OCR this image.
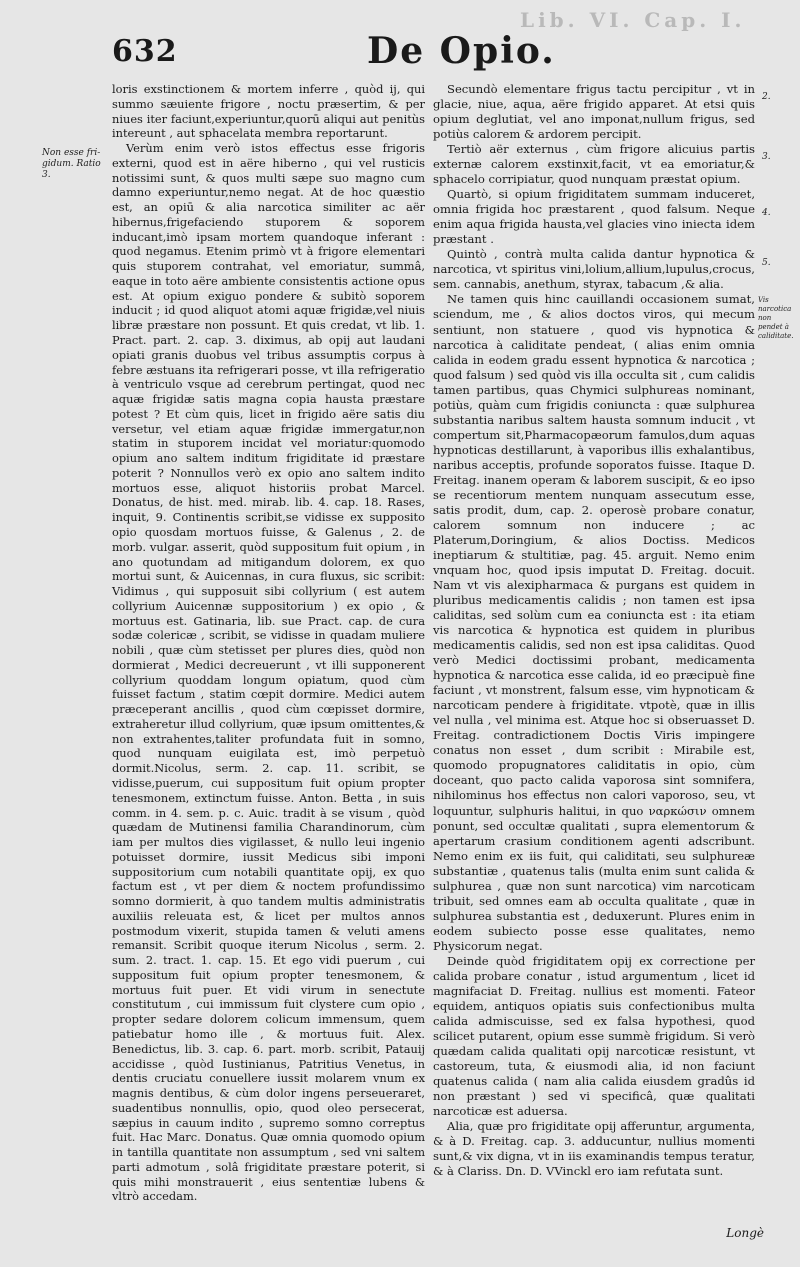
Lib. VI. Cap. I.
632	De Opio.
Non esse fri- gidum. Ratio 3.
2.
3.
4.
5.
Vis narcotica non pendet à caliditate.

loris exstinctionem & mortem inferre , quòd ij, qui summo sæuiente frigore , noctu præsertim, & per niues iter faciunt,experiuntur,quorū aliqui aut penitùs intereunt , aut sphacelata membra reportarunt.

Verùm enim verò istos effectus esse frigoris externi, quod est in aëre hiberno , qui vel rusticis notissimi sunt, & quos multi sæpe suo magno cum damno experiuntur,nemo negat. At de hoc quæstio est, an opiū & alia narcotica similiter ac aër hibernus,frigefaciendo stuporem & soporem inducant,imò ipsam mortem quandoque inferant : quod negamus. Etenim primò vt à frigore elementari quis stuporem contrahat, vel emoriatur, summâ, eaque in toto aëre ambiente consistentis actione opus est. At opium exiguo pondere & subitò soporem inducit ; id quod aliquot atomi aquæ frigidæ,vel niuis libræ præstare non possunt. Et quis credat, vt lib. 1. Pract. part. 2. cap. 3. diximus, ab opij aut laudani opiati granis duobus vel tribus assumptis corpus à febre æstuans ita refrigerari posse, vt illa refrigeratio à ventriculo vsque ad cerebrum pertingat, quod nec aquæ frigidæ satis magna copia hausta præstare potest ? Et cùm quis, licet in frigido aëre satis diu versetur, vel etiam aquæ frigidæ immergatur,non statim in stuporem incidat vel moriatur:quomodo opium ano saltem inditum frigiditate id præstare poterit ? Nonnullos verò ex opio ano saltem indito mortuos esse, aliquot historiis probat Marcel. Donatus, de hist. med. mirab. lib. 4. cap. 18. Rases, inquit, 9. Continentis scribit,se vidisse ex supposito opio quosdam mortuos fuisse, & Galenus , 2. de morb. vulgar. asserit, quòd suppositum fuit opium , in ano quotundam ad mitigandum dolorem, ex quo mortui sunt, & Auicennas, in cura fluxus, sic scribit: Vidimus , qui supposuit sibi collyrium ( est autem collyrium Auicennæ suppositorium ) ex opio , & mortuus est. Gatinaria, lib. sue Pract. cap. de cura sodæ colericæ , scribit, se vidisse in quadam muliere nobili , quæ cùm stetisset per plures dies, quòd non dormierat , Medici decreuerunt , vt illi supponerent collyrium quoddam longum opiatum, quod cùm fuisset factum , statim cœpit dormire. Medici autem præceperant ancillis , quod cùm cœpisset dormire, extraheretur illud collyrium, quæ ipsum omittentes,& non extrahentes,taliter profundata fuit in somno, quod nunquam euigilata est, imò perpetuò dormit.Nicolus, serm. 2. cap. 11. scribit, se vidisse,puerum, cui suppositum fuit opium propter tenesmonem, extinctum fuisse. Anton. Betta , in suis comm. in 4. sem. p. c. Auic. tradit à se visum , quòd quædam de Mutinensi familia Charandinorum, cùm iam per multos dies vigilasset, & nullo leui ingenio potuisset dormire, iussit Medicus sibi imponi suppositorium cum notabili quantitate opij, ex quo factum est , vt per diem & noctem profundissimo somno dormierit, à quo tandem multis administratis auxiliis releuata est, & licet per multos annos postmodum vixerit, stupida tamen & veluti amens remansit. Scribit quoque iterum Nicolus , serm. 2. sum. 2. tract. 1. cap. 15. Et ego vidi puerum , cui suppositum fuit opium propter tenesmonem, & mortuus fuit puer. Et vidi virum in senectute constitutum , cui immissum fuit clystere cum opio , propter sedare dolorem colicum immensum, quem patiebatur homo ille , & mortuus fuit. Alex. Benedictus, lib. 3. cap. 6. part. morb. scribit, Patauij accidisse , quòd Iustinianus, Patritius Venetus, in dentis cruciatu conuellere iussit molarem vnum ex magnis dentibus, & cùm dolor ingens perseueraret, suadentibus nonnullis, opio, quod oleo persecerat, sæpius in cauum indito , supremo somno correptus fuit. Hac Marc. Donatus. Quæ omnia quomodo opium in tantilla quantitate non assumptum , sed vni saltem parti admotum , solâ frigiditate præstare poterit, si quis mihi monstrauerit , eius sententiæ lubens & vltrò accedam.

Secundò elementare frigus tactu percipitur , vt in glacie, niue, aqua, aëre frigido apparet. At etsi quis opium deglutiat, vel ano imponat,nullum frigus, sed potiùs calorem & ardorem percipit.

Tertiò aër externus , cùm frigore alicuius partis externæ calorem exstinxit,facit, vt ea emoriatur,& sphacelo corripiatur, quod nunquam præstat opium.

Quartò, si opium frigiditatem summam induceret, omnia frigida hoc præstarent , quod falsum. Neque enim aqua frigida hausta,vel glacies vino iniecta idem præstant .

Quintò , contrà multa calida dantur hypnotica & narcotica, vt spiritus vini,lolium,allium,lupulus,crocus, sem. cannabis, anethum, styrax, tabacum ,& alia.

Ne tamen quis hinc cauillandi occasionem sumat, sciendum, me , & alios doctos viros, qui mecum sentiunt, non statuere , quod vis hypnotica & narcotica à caliditate pendeat, ( alias enim omnia calida in eodem gradu essent hypnotica & narcotica ; quod falsum ) sed quòd vis illa occulta sit , cum calidis tamen partibus, quas Chymici sulphureas nominant, potiùs, quàm cum frigidis coniuncta : quæ sulphurea substantia naribus saltem hausta somnum inducit , vt compertum sit,Pharmacopæorum famulos,dum aquas hypnoticas destillarunt, à vaporibus illis exhalantibus, naribus acceptis, profunde soporatos fuisse. Itaque D. Freitag. inanem operam & laborem suscipit, & eo ipso se recentiorum mentem nunquam assecutum esse, satis prodit, dum, cap. 2. operosè probare conatur, calorem somnum non inducere ; ac Platerum,Doringium, & alios Doctiss. Medicos ineptiarum & stultitiæ, pag. 45. arguit. Nemo enim vnquam hoc, quod ipsis imputat D. Freitag. docuit. Nam vt vis alexipharmaca & purgans est quidem in pluribus medicamentis calidis ; non tamen est ipsa caliditas, sed solùm cum ea coniuncta est : ita etiam vis narcotica & hypnotica est quidem in pluribus medicamentis calidis, sed non est ipsa caliditas. Quod verò Medici doctissimi probant, medicamenta hypnotica & narcotica esse calida, id eo præcipuè fine faciunt , vt monstrent, falsum esse, vim hypnoticam & narcoticam pendere à frigiditate. vtpotè, quæ in illis vel nulla , vel minima est. Atque hoc si obseruasset D. Freitag. contradictionem Doctis Viris impingere conatus non esset , dum scribit : Mirabile est, quomodo propugnatores caliditatis in opio, cùm doceant, quo pacto calida vaporosa sint somnifera, nihilominus hos effectus non calori vaporoso, seu, vt loquuntur, sulphuris halitui, in quo ναρκώσιν omnem ponunt, sed occultæ qualitati , supra elementorum & apertarum crasium conditionem agenti adscribunt. Nemo enim ex iis fuit, qui caliditati, seu sulphureæ substantiæ , quatenus talis (multa enim sunt calida & sulphurea , quæ non sunt narcotica) vim narcoticam tribuit, sed omnes eam ab occulta qualitate , quæ in sulphurea substantia est , deduxerunt. Plures enim in eodem subiecto posse esse qualitates, nemo Physicorum negat.

Deinde quòd frigiditatem opij ex correctione per calida probare conatur , istud argumentum , licet id magnifaciat D. Freitag. nullius est momenti. Fateor equidem, antiquos opiatis suis confectionibus multa calida admiscuisse, sed ex falsa hypothesi, quod scilicet putarent, opium esse summè frigidum. Si verò quædam calida qualitati opij narcoticæ resistunt, vt castoreum, tuta, & eiusmodi alia, id non faciunt quatenus calida ( nam alia calida eiusdem gradûs id non præstant ) sed vi specificâ, quæ qualitati narcoticæ est aduersa.

Alia, quæ pro frigiditate opij afferuntur, argumenta, & à D. Freitag. cap. 3. adducuntur, nullius momenti sunt,& vix digna, vt in iis examinandis tempus teratur, & à Clariss. Dn. D. VVinckl ero iam refutata sunt.

Longè
